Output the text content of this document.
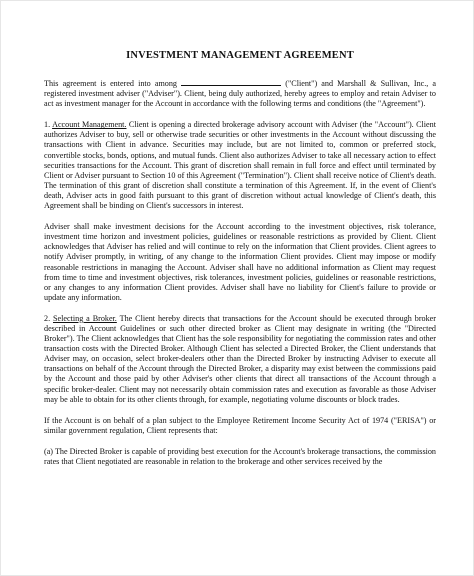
INVESTMENT MANAGEMENT AGREEMENT

This agreement is entered into among	("Client") and Marshall & Sullivan, Inc., a registered investment adviser ("Adviser"). Client, being duly authorized, hereby agrees to employ and retain Adviser to act as investment manager for the Account in accordance with the following terms and conditions (the "Agreement").

1. Account Management. Client is opening a directed brokerage advisory account with Adviser (the "Account"). Client authorizes Adviser to buy, sell or otherwise trade securities or other investments in the Account without discussing the transactions with Client in advance. Securities may include, but are not limited to, common or preferred stock, convertible stocks, bonds, options, and mutual funds. Client also authorizes Adviser to take all necessary action to effect securities transactions for the Account. This grant of discretion shall remain in full force and effect until terminated by Client or Adviser pursuant to Section 10 of this Agreement ("Termination"). Client shall receive notice of Client's death. The termination of this grant of discretion shall constitute a termination of this Agreement. If, in the event of Client's death, Adviser acts in good faith pursuant to this grant of discretion without actual knowledge of Client's death, this Agreement shall be binding on Client's successors in interest.

Adviser shall make investment decisions for the Account according to the investment objectives, risk tolerance, investment time horizon and investment policies, guidelines or reasonable restrictions as provided by Client. Client acknowledges that Adviser has relied and will continue to rely on the information that Client provides. Client agrees to notify Adviser promptly, in writing, of any change to the information Client provides. Client may impose or modify reasonable restrictions in managing the Account. Adviser shall have no additional information as Client may request from time to time and investment objectives, risk tolerances, investment policies, guidelines or reasonable restrictions, or any changes to any information Client provides. Adviser shall have no liability for Client's failure to provide or update any information.

2. Selecting a Broker. The Client hereby directs that transactions for the Account should be executed through broker described in Account Guidelines or such other directed broker as Client may designate in writing (the "Directed Broker"). The Client acknowledges that Client has the sole responsibility for negotiating the commission rates and other transaction costs with the Directed Broker. Although Client has selected a Directed Broker, the Client understands that Adviser may, on occasion, select broker-dealers other than the Directed Broker by instructing Adviser to execute all transactions on behalf of the Account through the Directed Broker, a disparity may exist between the commissions paid by the Account and those paid by other Adviser's other clients that direct all transactions of the Account through a specific broker-dealer. Client may not necessarily obtain commission rates and execution as favorable as those Adviser may be able to obtain for its other clients through, for example, negotiating volume discounts or block trades.

If the Account is on behalf of a plan subject to the Employee Retirement Income Security Act of 1974 ("ERISA") or similar government regulation, Client represents that:

(a) The Directed Broker is capable of providing best execution for the Account's brokerage transactions, the commission rates that Client negotiated are reasonable in relation to the brokerage and other services received by the
